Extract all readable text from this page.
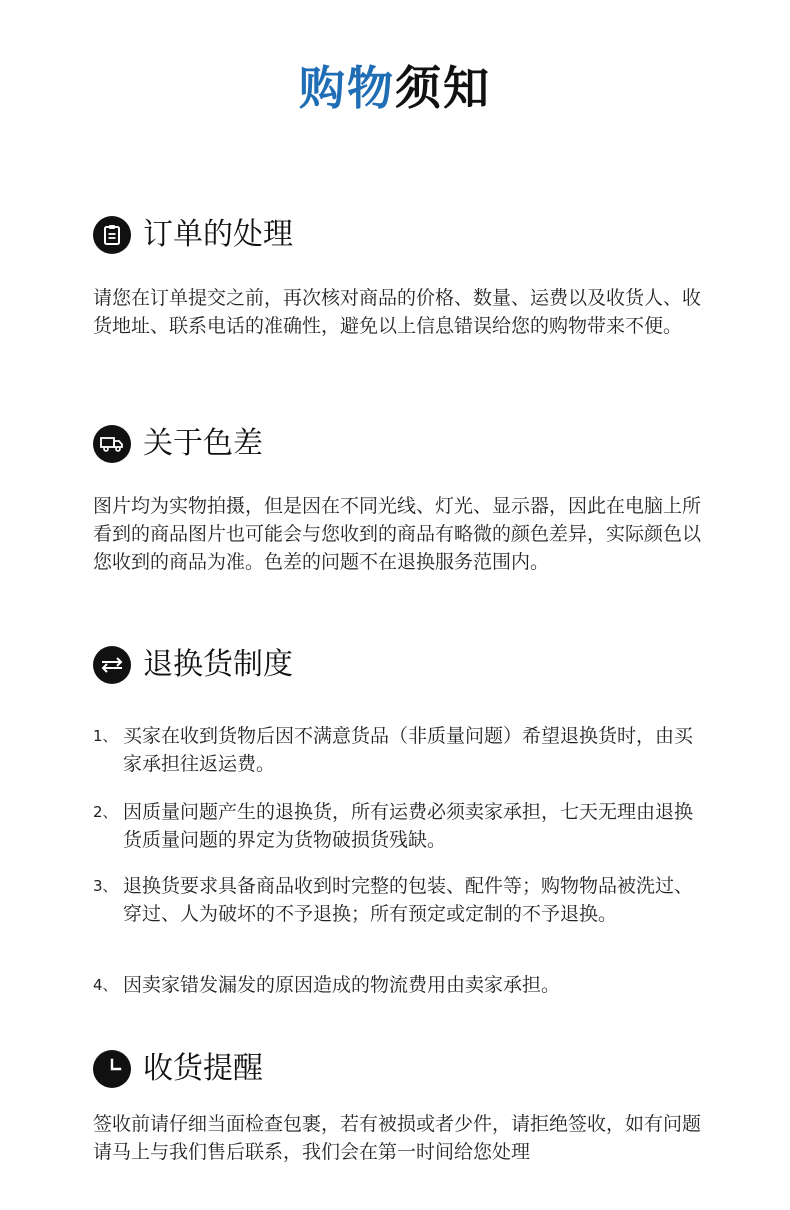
购物须知
订单的处理
请您在订单提交之前，再次核对商品的价格、数量、运费以及收货人、收货地址、联系电话的准确性，避免以上信息错误给您的购物带来不便。
关于色差
图片均为实物拍摄，但是因在不同光线、灯光、显示器，因此在电脑上所看到的商品图片也可能会与您收到的商品有略微的颜色差异，实际颜色以您收到的商品为准。色差的问题不在退换服务范围内。
退换货制度
1、 买家在收到货物后因不满意货品（非质量问题）希望退换货时，由买家承担往返运费。
2、 因质量问题产生的退换货，所有运费必须卖家承担，七天无理由退换货质量问题的界定为货物破损货残缺。
3、 退换货要求具备商品收到时完整的包装、配件等；购物物品被洗过、穿过、人为破坏的不予退换；所有预定或定制的不予退换。
4、 因卖家错发漏发的原因造成的物流费用由卖家承担。
收货提醒
签收前请仔细当面检查包裹，若有被损或者少件，请拒绝签收，如有问题请马上与我们售后联系，我们会在第一时间给您处理
